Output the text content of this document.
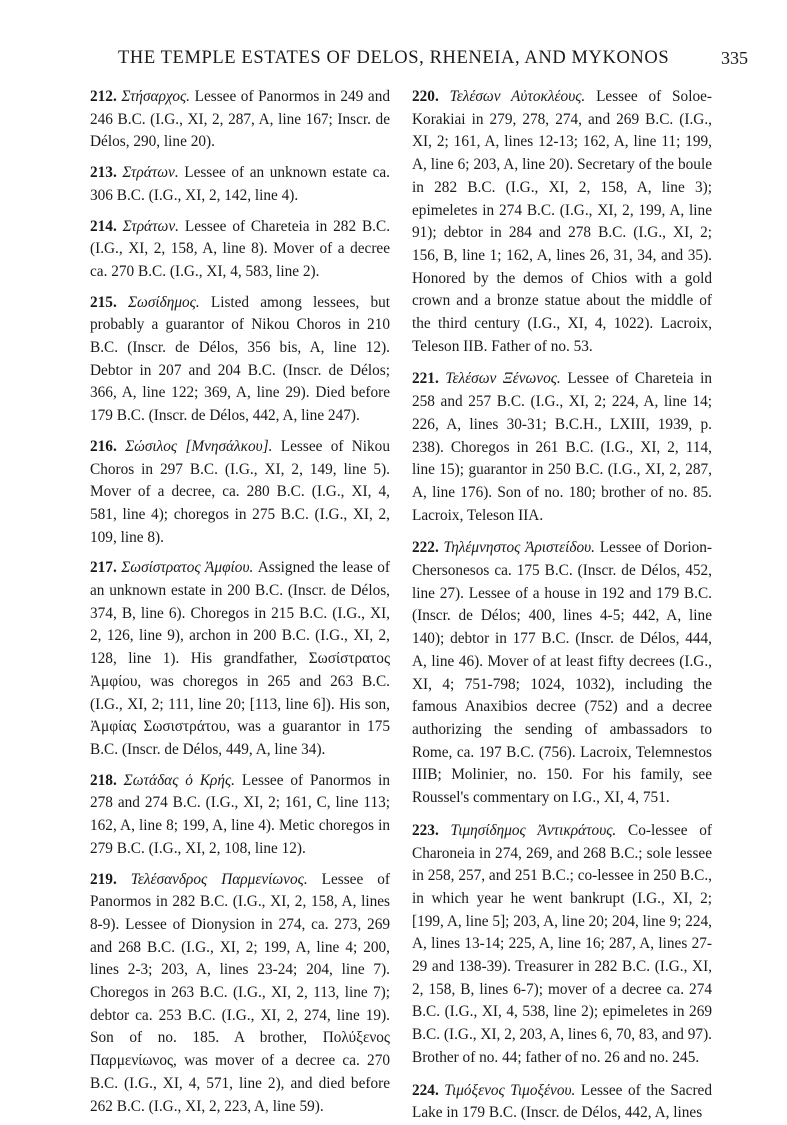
THE TEMPLE ESTATES OF DELOS, RHENEIA, AND MYKONOS	335

212. Στήσαρχος. Lessee of Panormos in 249 and 246 B.C. (I.G., XI, 2, 287, A, line 167; Inscr. de Délos, 290, line 20).

213. Στράτων. Lessee of an unknown estate ca. 306 B.C. (I.G., XI, 2, 142, line 4).

214. Στράτων. Lessee of Chareteia in 282 B.C. (I.G., XI, 2, 158, A, line 8). Mover of a decree ca. 270 B.C. (I.G., XI, 4, 583, line 2).

215. Σωσίδημος. Listed among lessees, but probably a guarantor of Nikou Choros in 210 B.C. (Inscr. de Délos, 356 bis, A, line 12). Debtor in 207 and 204 B.C. (Inscr. de Délos; 366, A, line 122; 369, A, line 29). Died before 179 B.C. (Inscr. de Délos, 442, A, line 247).

216. Σώσιλος [Μνησάλκου]. Lessee of Nikou Choros in 297 B.C. (I.G., XI, 2, 149, line 5). Mover of a decree, ca. 280 B.C. (I.G., XI, 4, 581, line 4); choregos in 275 B.C. (I.G., XI, 2, 109, line 8).

217. Σωσίστρατος Ἀμφίου. Assigned the lease of an unknown estate in 200 B.C. (Inscr. de Délos, 374, B, line 6). Choregos in 215 B.C. (I.G., XI, 2, 126, line 9), archon in 200 B.C. (I.G., XI, 2, 128, line 1). His grandfather, Σωσίστρατος Ἀμφίου, was choregos in 265 and 263 B.C. (I.G., XI, 2; 111, line 20; [113, line 6]). His son, Ἀμφίας Σωσιστράτου, was a guarantor in 175 B.C. (Inscr. de Délos, 449, A, line 34).

218. Σωτάδας ὁ Κρής. Lessee of Panormos in 278 and 274 B.C. (I.G., XI, 2; 161, C, line 113; 162, A, line 8; 199, A, line 4). Metic choregos in 279 B.C. (I.G., XI, 2, 108, line 12).

219. Τελέσανδρος Παρμενίωνος. Lessee of Panormos in 282 B.C. (I.G., XI, 2, 158, A, lines 8-9). Lessee of Dionysion in 274, ca. 273, 269 and 268 B.C. (I.G., XI, 2; 199, A, line 4; 200, lines 2-3; 203, A, lines 23-24; 204, line 7). Choregos in 263 B.C. (I.G., XI, 2, 113, line 7); debtor ca. 253 B.C. (I.G., XI, 2, 274, line 19). Son of no. 185. A brother, Πολύξενος Παρμενίωνος, was mover of a decree ca. 270 B.C. (I.G., XI, 4, 571, line 2), and died before 262 B.C. (I.G., XI, 2, 223, A, line 59).

220. Τελέσων Αὐτοκλέους. Lessee of Soloe-Korakiai in 279, 278, 274, and 269 B.C. (I.G., XI, 2; 161, A, lines 12-13; 162, A, line 11; 199, A, line 6; 203, A, line 20). Secretary of the boule in 282 B.C. (I.G., XI, 2, 158, A, line 3); epimeletes in 274 B.C. (I.G., XI, 2, 199, A, line 91); debtor in 284 and 278 B.C. (I.G., XI, 2; 156, B, line 1; 162, A, lines 26, 31, 34, and 35). Honored by the demos of Chios with a gold crown and a bronze statue about the middle of the third century (I.G., XI, 4, 1022). Lacroix, Teleson IIB. Father of no. 53.

221. Τελέσων Ξένωνος. Lessee of Chareteia in 258 and 257 B.C. (I.G., XI, 2; 224, A, line 14; 226, A, lines 30-31; B.C.H., LXIII, 1939, p. 238). Choregos in 261 B.C. (I.G., XI, 2, 114, line 15); guarantor in 250 B.C. (I.G., XI, 2, 287, A, line 176). Son of no. 180; brother of no. 85. Lacroix, Teleson IIA.

222. Τηλέμνηστος Ἀριστείδου. Lessee of Dorion-Chersonesos ca. 175 B.C. (Inscr. de Délos, 452, line 27). Lessee of a house in 192 and 179 B.C. (Inscr. de Délos; 400, lines 4-5; 442, A, line 140); debtor in 177 B.C. (Inscr. de Délos, 444, A, line 46). Mover of at least fifty decrees (I.G., XI, 4; 751-798; 1024, 1032), including the famous Anaxibios decree (752) and a decree authorizing the sending of ambassadors to Rome, ca. 197 B.C. (756). Lacroix, Telemnestos IIIB; Molinier, no. 150. For his family, see Roussel's commentary on I.G., XI, 4, 751.

223. Τιμησίδημος Ἀντικράτους. Co-lessee of Charoneia in 274, 269, and 268 B.C.; sole lessee in 258, 257, and 251 B.C.; co-lessee in 250 B.C., in which year he went bankrupt (I.G., XI, 2; [199, A, line 5]; 203, A, line 20; 204, line 9; 224, A, lines 13-14; 225, A, line 16; 287, A, lines 27-29 and 138-39). Treasurer in 282 B.C. (I.G., XI, 2, 158, B, lines 6-7); mover of a decree ca. 274 B.C. (I.G., XI, 4, 538, line 2); epimeletes in 269 B.C. (I.G., XI, 2, 203, A, lines 6, 70, 83, and 97). Brother of no. 44; father of no. 26 and no. 245.

224. Τιμόξενος Τιμοξένου. Lessee of the Sacred Lake in 179 B.C. (Inscr. de Délos, 442, A, lines
